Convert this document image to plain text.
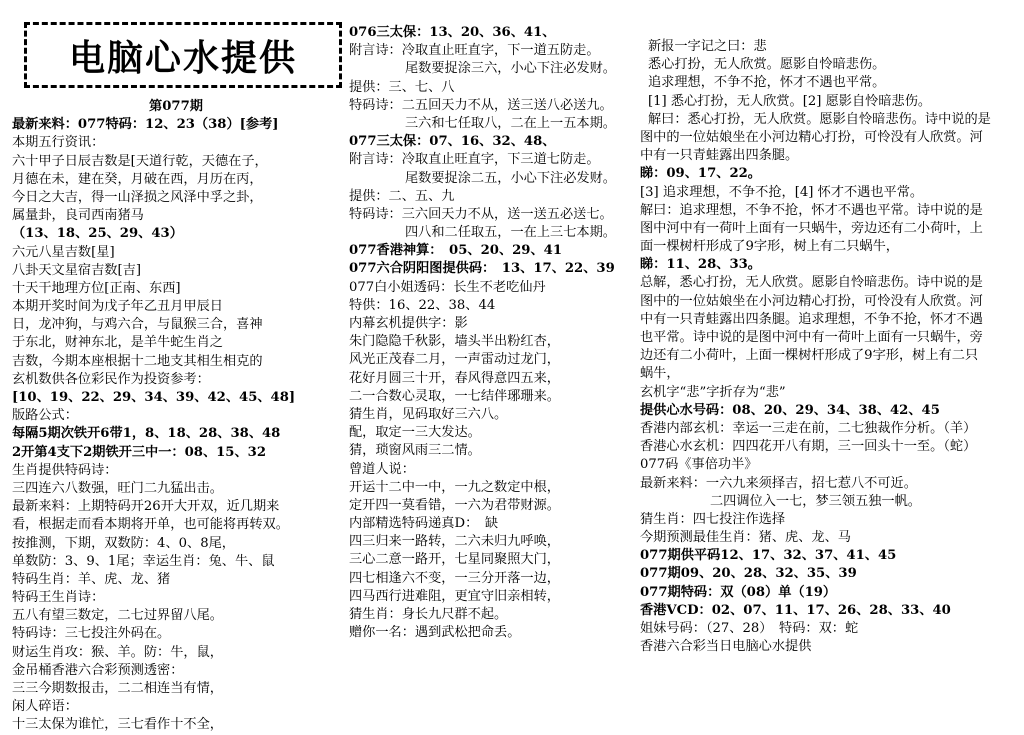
电脑心水提供
第077期
最新来料：077特码：12、23（38）[参考]
本期五行资讯：
六十甲子日辰吉数是[天道行乾，天德在子，
月德在未，建在癸，月破在西，月历在丙，
今日之大吉，得一山泽损之风泽中孚之卦，
属量卦，良司西南猪马
（13、18、25、29、43）
六元八星吉数[星]
八卦天文星宿吉数[吉]
十天干地理方位[正南、东西]
本期开奖时间为戊子年乙丑月甲辰日
日，龙冲狗，与鸡六合，与鼠猴三合，喜神
于东北，财神东北，是羊牛蛇生肖之
吉数，今期本座根据十二地支其相生相克的
玄机数供各位彩民作为投资参考：
[10、19、22、29、34、39、42、45、48]
版路公式：
每隔5期次铁开6带1，8、18、28、38、48
2开第4支下2期铁开三中一：08、15、32
生肖提供特码诗：
三四连六八数强，旺门二九猛出击。
最新来料：上期特码开26开大开双，近几期来
看，根据走而看本期将开单，也可能将再转双。
按推测，下期，双数防：4、0、8尾，
单数防：3、9、1尾；幸运生肖：兔、牛、鼠
特码生肖：羊、虎、龙、猪
特码王生肖诗：
五八有望三数定，二七过界留八尾。
特码诗：三七投注外码在。
财运生肖攻：猴、羊。防：牛，鼠，
金吊桶香港六合彩预测透密：
三三今期数报击，二二相连当有情，
闲人碎语：
十三太保为谁忙，三七看作十不全，
076三太保：13、20、36、41、
附言诗：冷取直止旺直字，下一道五防走。
尾数要捉涂三六，小心下注必发财。
提供：三、七、八
特码诗：二五回天力不从，送三送八必送九。
三六和七任取八，二在上一五本期。
077三太保：07、16、32、48、
附言诗：冷取直止旺直字，下三道七防走。
尾数要捉涂二五，小心下注必发财。
提供：二、五、九
特码诗：三六回天力不从，送一送五必送七。
四八和二任取五，一在上三七本期。
077香港神算：　05、20、29、41
077六合阴阳图提供码：　13、17、22、39
077白小姐透码：长生不老吃仙丹
特供：16、22、38、44
内幕玄机提供字：影
朱门隐隐千秋影，墙头半出粉红杏，
风光正茂春二月，一声雷动过龙门，
花好月圆三十开，春风得意四五来，
二一合数心灵取，一七结伴琊珊来。
猜生肖，见码取好三六八。
配，取定一三大发达。
猜，琐窗风雨三二情。
曾道人说：
开运十二中一中，一九之数定中根，
定开四一莫看错，一六为君带财源。
内部精选特码递真D：　缺
四三归来一路转，二六未归九呼唤，
三心二意一路开，七星同聚照大门，
四七相逢六不变，一三分开落一边，
四马西行进难阻，更宜守旧亲相转，
猜生肖：身长九尺群不起。
赠你一名：遇到武松把命丢。
新报一字记之曰：悲
悉心打扮，无人欣赏。愿影自怜暗悲伤。
追求理想，不争不抢，怀才不遇也平常。
[1] 悉心打扮，无人欣赏。[2] 愿影自怜暗悲伤。
解曰：悉心打扮，无人欣赏。愿影自怜暗悲伤。诗中说的是
图中的一位姑娘坐在小河边精心打扮，可怜没有人欣赏。河
中有一只青蛙露出四条腿。
睇：09、17、22。
[3] 追求理想，不争不抢，[4] 怀才不遇也平常。
解曰：追求理想，不争不抢，怀才不遇也平常。诗中说的是
图中河中有一荷叶上面有一只蜗牛，旁边还有二小荷叶，上
面一棵树杆形成了9字形，树上有二只蜗牛，
睇：11、28、33。
总解，悉心打扮，无人欣赏。愿影自怜暗悲伤。诗中说的是
图中的一位姑娘坐在小河边精心打扮，可怜没有人欣赏。河
中有一只青蛙露出四条腿。追求理想，不争不抢，怀才不遇
也平常。诗中说的是图中河中有一荷叶上面有一只蜗牛，旁
边还有二小荷叶，上面一棵树杆形成了9字形，树上有二只
蜗牛，
玄机字“悲”字折存为“悲”
提供心水号码：08、20、29、34、38、42、45
香港内部玄机：幸运一三走在前，二七独裁作分析。（羊）
香港心水玄机：四四花开八有期，三一回头十一至。（蛇）
077码《事倍功半》
最新来料：一六九来须择吉，招七惹八不可近。
二四调位入一七，梦三领五独一帆。
猜生肖：四七投注作选择
今期预测最佳生肖：猪、虎、龙、马
077期供平码12、17、32、37、41、45
077期09、20、28、32、35、39
077期特码：双（08）单（19）
香港VCD：02、07、11、17、26、28、33、40
姐妹号码：（27、28）　特码：双：蛇
香港六合彩当日电脑心水提供
